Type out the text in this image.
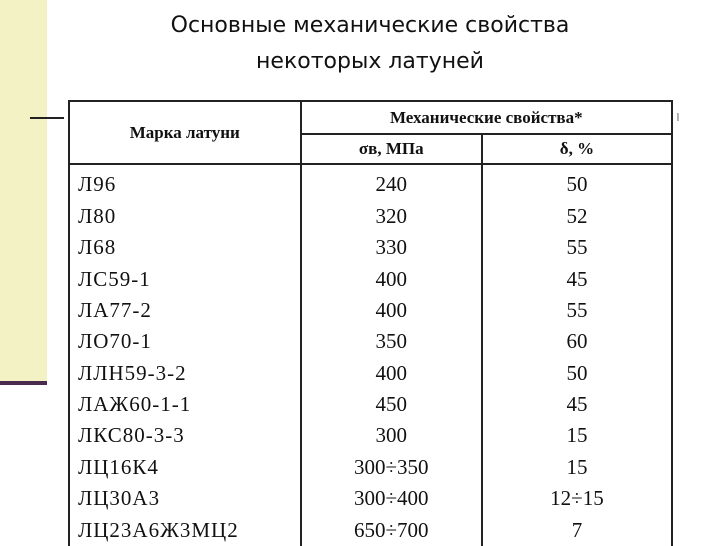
ı
Основные механические свойства
некоторых латуней
Марка латуни	Механические свойства*	
	σв, МПа	δ, %
Л96	240	50
Л80	320	52
Л68	330	55
ЛС59-1	400	45
ЛА77-2	400	55
ЛО70-1	350	60
ЛЛН59-3-2	400	50
ЛАЖ60-1-1	450	45
ЛКС80-3-3	300	15
ЛЦ16К4	300÷350	15
ЛЦ30А3	300÷400	12÷15
ЛЦ23А6Ж3МЦ2	650÷700	7
